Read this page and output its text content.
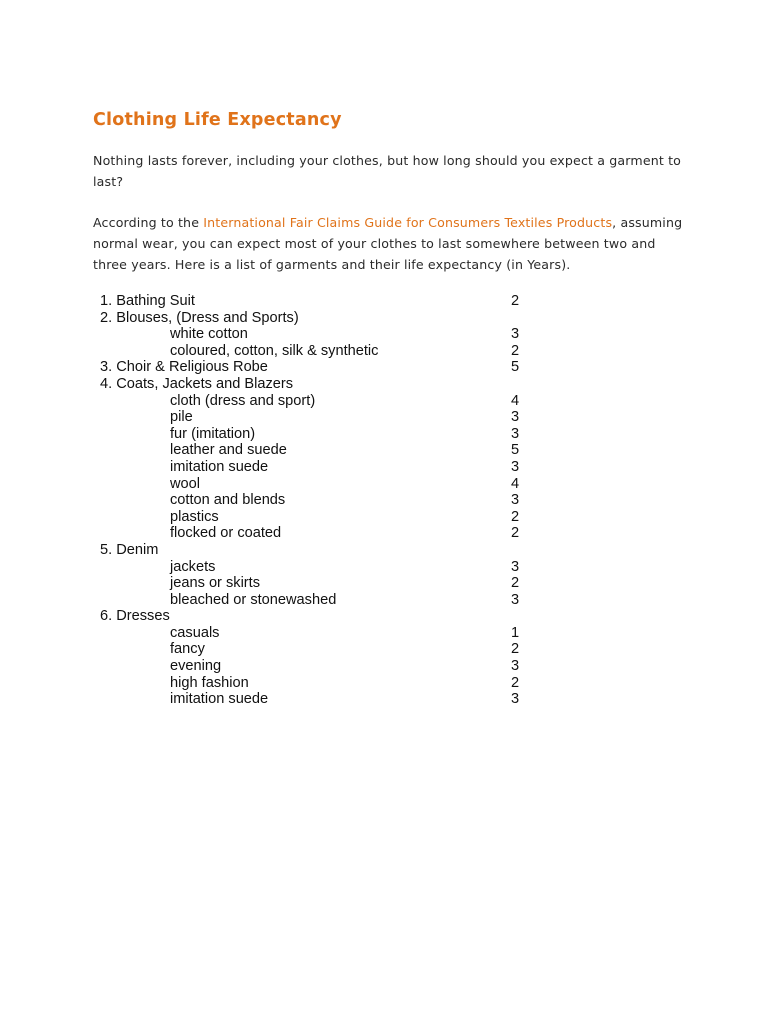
Clothing Life Expectancy

Nothing lasts forever, including your clothes, but how long should you expect a garment to last?

According to the International Fair Claims Guide for Consumers Textiles Products, assuming normal wear, you can expect most of your clothes to last somewhere between two and three years. Here is a list of garments and their life expectancy (in Years).

1. Bathing Suit	2
2. Blouses, (Dress and Sports)
white cotton	3
coloured, cotton, silk & synthetic	2
3. Choir & Religious Robe	5
4. Coats, Jackets and Blazers
cloth (dress and sport)	4
pile	3
fur (imitation)	3
leather and suede	5
imitation suede	3
wool	4
cotton and blends	3
plastics	2
flocked or coated	2
5. Denim
jackets	3
jeans or skirts	2
bleached or stonewashed	3
6. Dresses
casuals	1
fancy	2
evening	3
high fashion	2
imitation suede	3
